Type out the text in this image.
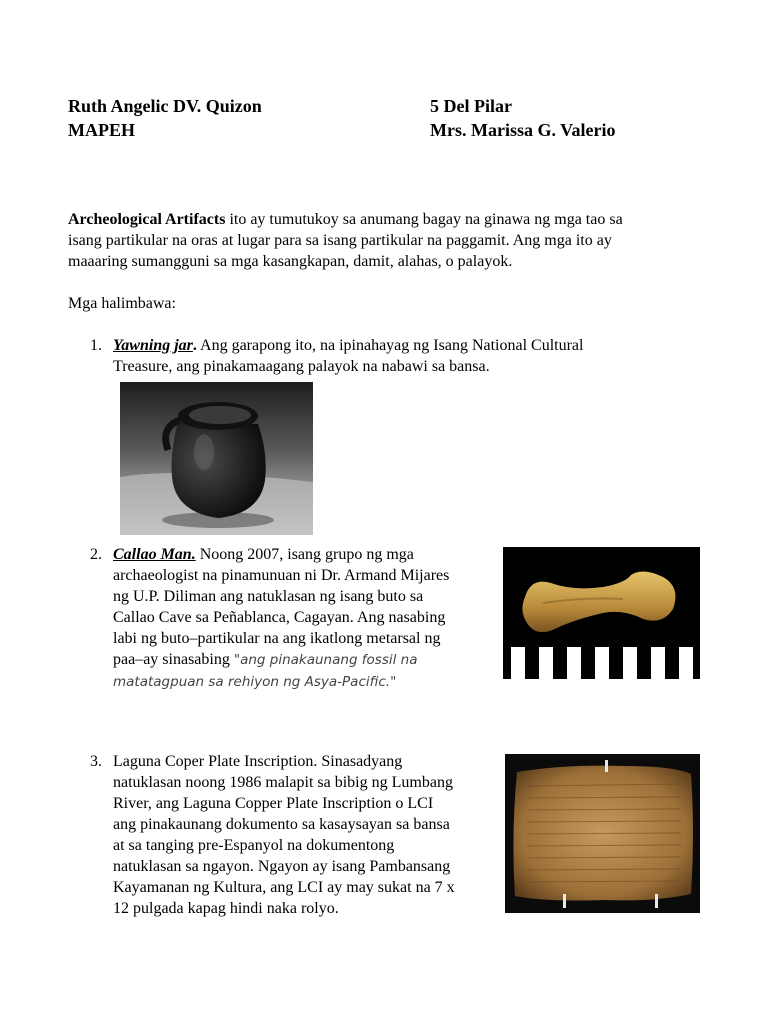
Ruth Angelic DV. Quizon	5 Del Pilar
MAPEH	Mrs. Marissa G. Valerio
Archeological Artifacts ito ay tumutukoy sa anumang bagay na ginawa ng mga tao sa
isang partikular na oras at lugar para sa isang partikular na paggamit. Ang mga ito ay
maaaring sumangguni sa mga kasangkapan, damit, alahas, o palayok.
Mga halimbawa:
1. Yawning jar. Ang garapong ito, na ipinahayag ng Isang National Cultural
Treasure, ang pinakamaagang palayok na nabawi sa bansa.
2. Callao Man. Noong 2007, isang grupo ng mga
archaeologist na pinamunuan ni Dr. Armand Mijares
ng U.P. Diliman ang natuklasan ng isang buto sa
Callao Cave sa Peñablanca, Cagayan. Ang nasabing
labi ng buto–partikular na ang ikatlong metarsal ng
paa–ay sinasabing "ang pinakaunang fossil na
matatagpuan sa rehiyon ng Asya-Pacific."
3. Laguna Coper Plate Inscription. Sinasadyang
natuklasan noong 1986 malapit sa bibig ng Lumbang
River, ang Laguna Copper Plate Inscription o LCI
ang pinakaunang dokumento sa kasaysayan sa bansa
at sa tanging pre-Espanyol na dokumentong
natuklasan sa ngayon. Ngayon ay isang Pambansang
Kayamanan ng Kultura, ang LCI ay may sukat na 7 x
12 pulgada kapag hindi naka rolyo.
